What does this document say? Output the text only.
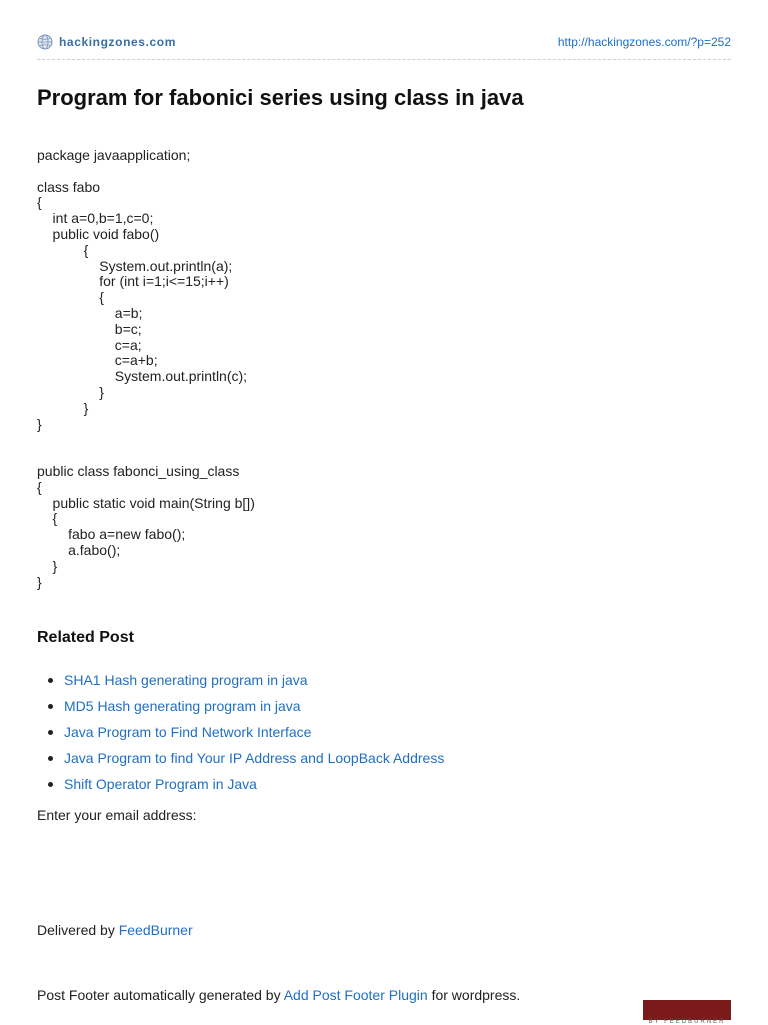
hackingzones.com	http://hackingzones.com/?p=252
Program for fabonici series using class in java
package javaapplication;
class fabo
{
int a=0,b=1,c=0;
public void fabo()
{
System.out.println(a);
for (int i=1;i<=15;i++)
{
a=b;
b=c;
c=a;
c=a+b;
System.out.println(c);
}
}
}
public class fabonci_using_class
{
public static void main(String b[])
{
fabo a=new fabo();
a.fabo();
}
}
Related Post
SHA1 Hash generating program in java
MD5 Hash generating program in java
Java Program to Find Network Interface
Java Program to find Your IP Address and LoopBack Address
Shift Operator Program in Java
Enter your email address:
Delivered by FeedBurner
Post Footer automatically generated by Add Post Footer Plugin for wordpress.
BY FEEDBURNER
